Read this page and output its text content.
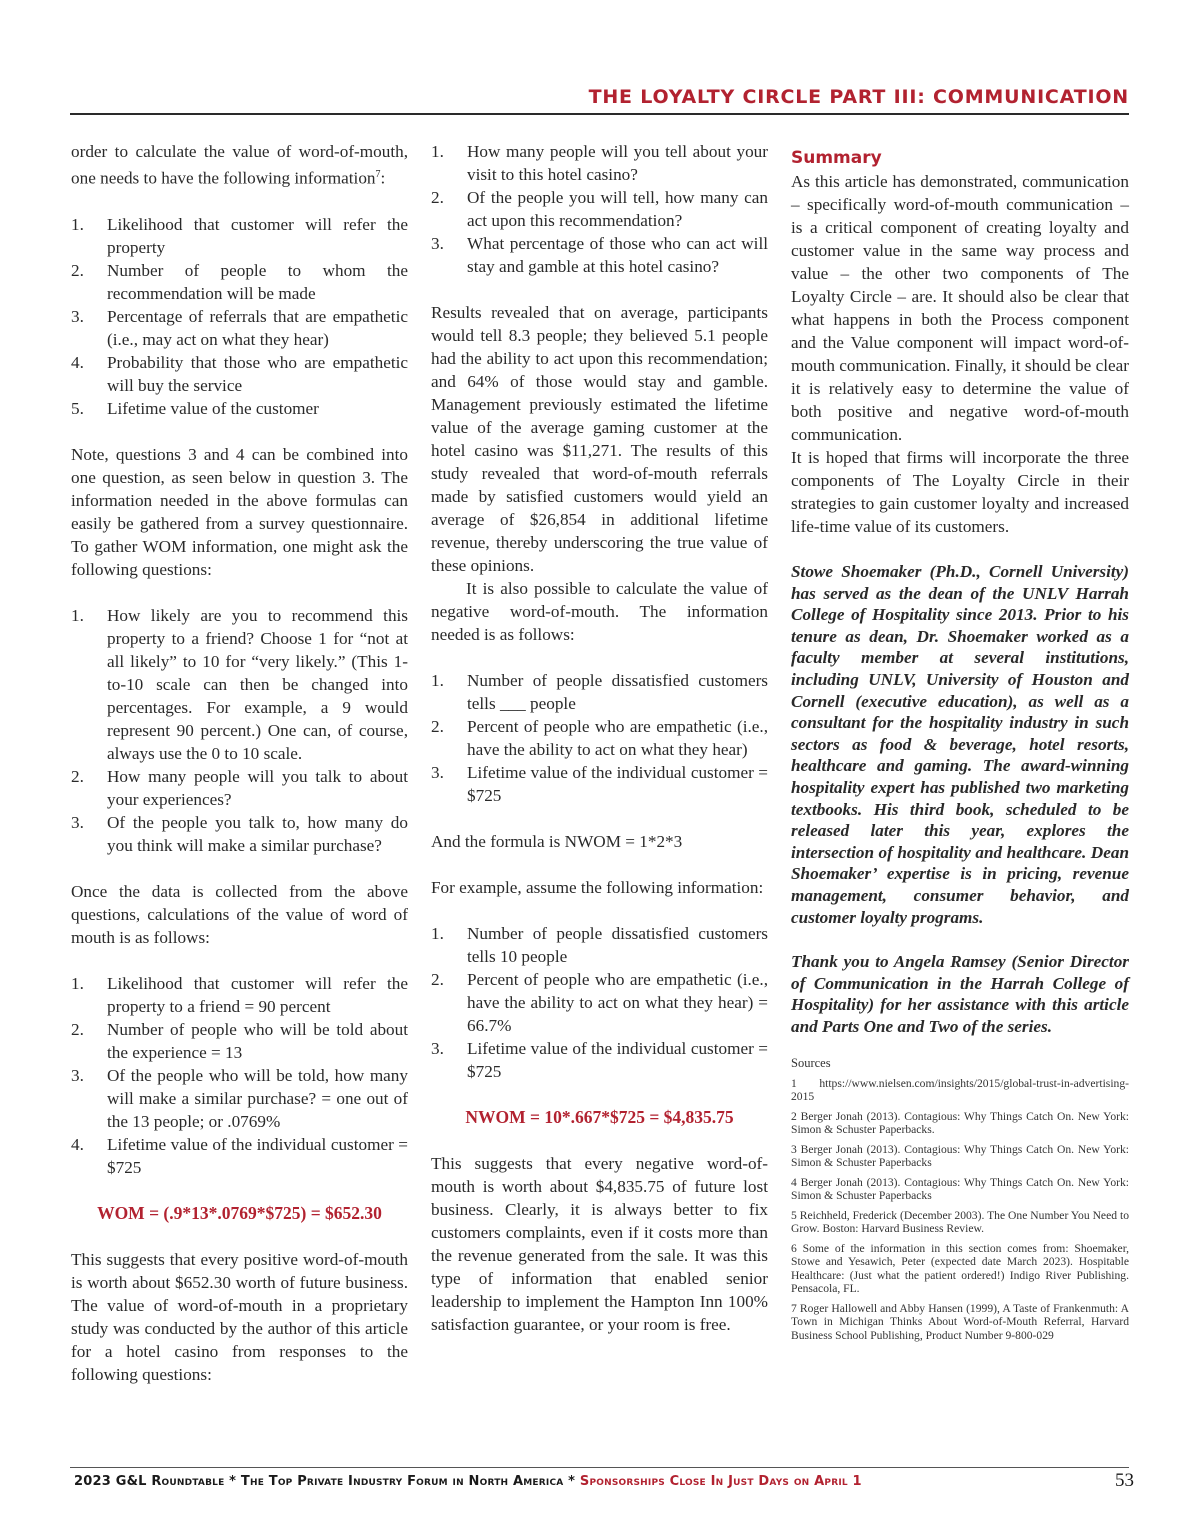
THE LOYALTY CIRCLE PART III: COMMUNICATION

order to calculate the value of word-of-mouth, one needs to have the following information$^7$:

1. Likelihood that customer will refer the property
2. Number of people to whom the recommendation will be made
3. Percentage of referrals that are empathetic (i.e., may act on what they hear)
4. Probability that those who are empathetic will buy the service
5. Lifetime value of the customer

Note, questions 3 and 4 can be combined into one question, as seen below in question 3. The information needed in the above formulas can easily be gathered from a survey questionnaire. To gather WOM information, one might ask the following questions:

1. How likely are you to recommend this property to a friend? Choose 1 for “not at all likely” to 10 for “very likely.” (This 1-to-10 scale can then be changed into percentages. For example, a 9 would represent 90 percent.) One can, of course, always use the 0 to 10 scale.
2. How many people will you talk to about your experiences?
3. Of the people you talk to, how many do you think will make a similar purchase?

Once the data is collected from the above questions, calculations of the value of word of mouth is as follows:

1. Likelihood that customer will refer the property to a friend = 90 percent
2. Number of people who will be told about the experience = 13
3. Of the people who will be told, how many will make a similar purchase? = one out of the 13 people; or .0769%
4. Lifetime value of the individual customer = $725

WOM = (.9*13*.0769*$725) = $652.30

This suggests that every positive word-of-mouth is worth about $652.30 worth of future business. The value of word-of-mouth in a proprietary study was conducted by the author of this article for a hotel casino from responses to the following questions:

1. How many people will you tell about your visit to this hotel casino?
2. Of the people you will tell, how many can act upon this recommendation?
3. What percentage of those who can act will stay and gamble at this hotel casino?

Results revealed that on average, participants would tell 8.3 people; they believed 5.1 people had the ability to act upon this recommendation; and 64% of those would stay and gamble. Management previously estimated the lifetime value of the average gaming customer at the hotel casino was $11,271. The results of this study revealed that word-of-mouth referrals made by satisfied customers would yield an average of $26,854 in additional lifetime revenue, thereby underscoring the true value of these opinions.

It is also possible to calculate the value of negative word-of-mouth. The information needed is as follows:

1. Number of people dissatisfied customers tells ___ people
2. Percent of people who are empathetic (i.e., have the ability to act on what they hear)
3. Lifetime value of the individual customer = $725

And the formula is NWOM = 1*2*3

For example, assume the following information:

1. Number of people dissatisfied customers tells 10 people
2. Percent of people who are empathetic (i.e., have the ability to act on what they hear) = 66.7%
3. Lifetime value of the individual customer = $725

NWOM = 10*.667*$725 = $4,835.75

This suggests that every negative word-of-mouth is worth about $4,835.75 of future lost business. Clearly, it is always better to fix customers complaints, even if it costs more than the revenue generated from the sale. It was this type of information that enabled senior leadership to implement the Hampton Inn 100% satisfaction guarantee, or your room is free.

Summary

As this article has demonstrated, communication – specifically word-of-mouth communication – is a critical component of creating loyalty and customer value in the same way process and value – the other two components of The Loyalty Circle – are. It should also be clear that what happens in both the Process component and the Value component will impact word-of-mouth communication. Finally, it should be clear it is relatively easy to determine the value of both positive and negative word-of-mouth communication.

It is hoped that firms will incorporate the three components of The Loyalty Circle in their strategies to gain customer loyalty and increased life-time value of its customers.

Stowe Shoemaker (Ph.D., Cornell University) has served as the dean of the UNLV Harrah College of Hospitality since 2013. Prior to his tenure as dean, Dr. Shoemaker worked as a faculty member at several institutions, including UNLV, University of Houston and Cornell (executive education), as well as a consultant for the hospitality industry in such sectors as food & beverage, hotel resorts, healthcare and gaming. The award-winning hospitality expert has published two marketing textbooks. His third book, scheduled to be released later this year, explores the intersection of hospitality and healthcare. Dean Shoemaker’ expertise is in pricing, revenue management, consumer behavior, and customer loyalty programs.

Thank you to Angela Ramsey (Senior Director of Communication in the Harrah College of Hospitality) for her assistance with this article and Parts One and Two of the series.

Sources

1 https://www.nielsen.com/insights/2015/global-trust-in-advertising-2015

2 Berger Jonah (2013). Contagious: Why Things Catch On. New York: Simon & Schuster Paperbacks.

3 Berger Jonah (2013). Contagious: Why Things Catch On. New York: Simon & Schuster Paperbacks

4 Berger Jonah (2013). Contagious: Why Things Catch On. New York: Simon & Schuster Paperbacks

5 Reichheld, Frederick (December 2003). The One Number You Need to Grow. Boston: Harvard Business Review.

6 Some of the information in this section comes from: Shoemaker, Stowe and Yesawich, Peter (expected date March 2023). Hospitable Healthcare: (Just what the patient ordered!) Indigo River Publishing. Pensacola, FL.

7 Roger Hallowell and Abby Hansen (1999), A Taste of Frankenmuth: A Town in Michigan Thinks About Word-of-Mouth Referral, Harvard Business School Publishing, Product Number 9-800-029

2023 G&L Roundtable * The Top Private Industry Forum in North America * Sponsorships Close In Just Days on April 1	53
